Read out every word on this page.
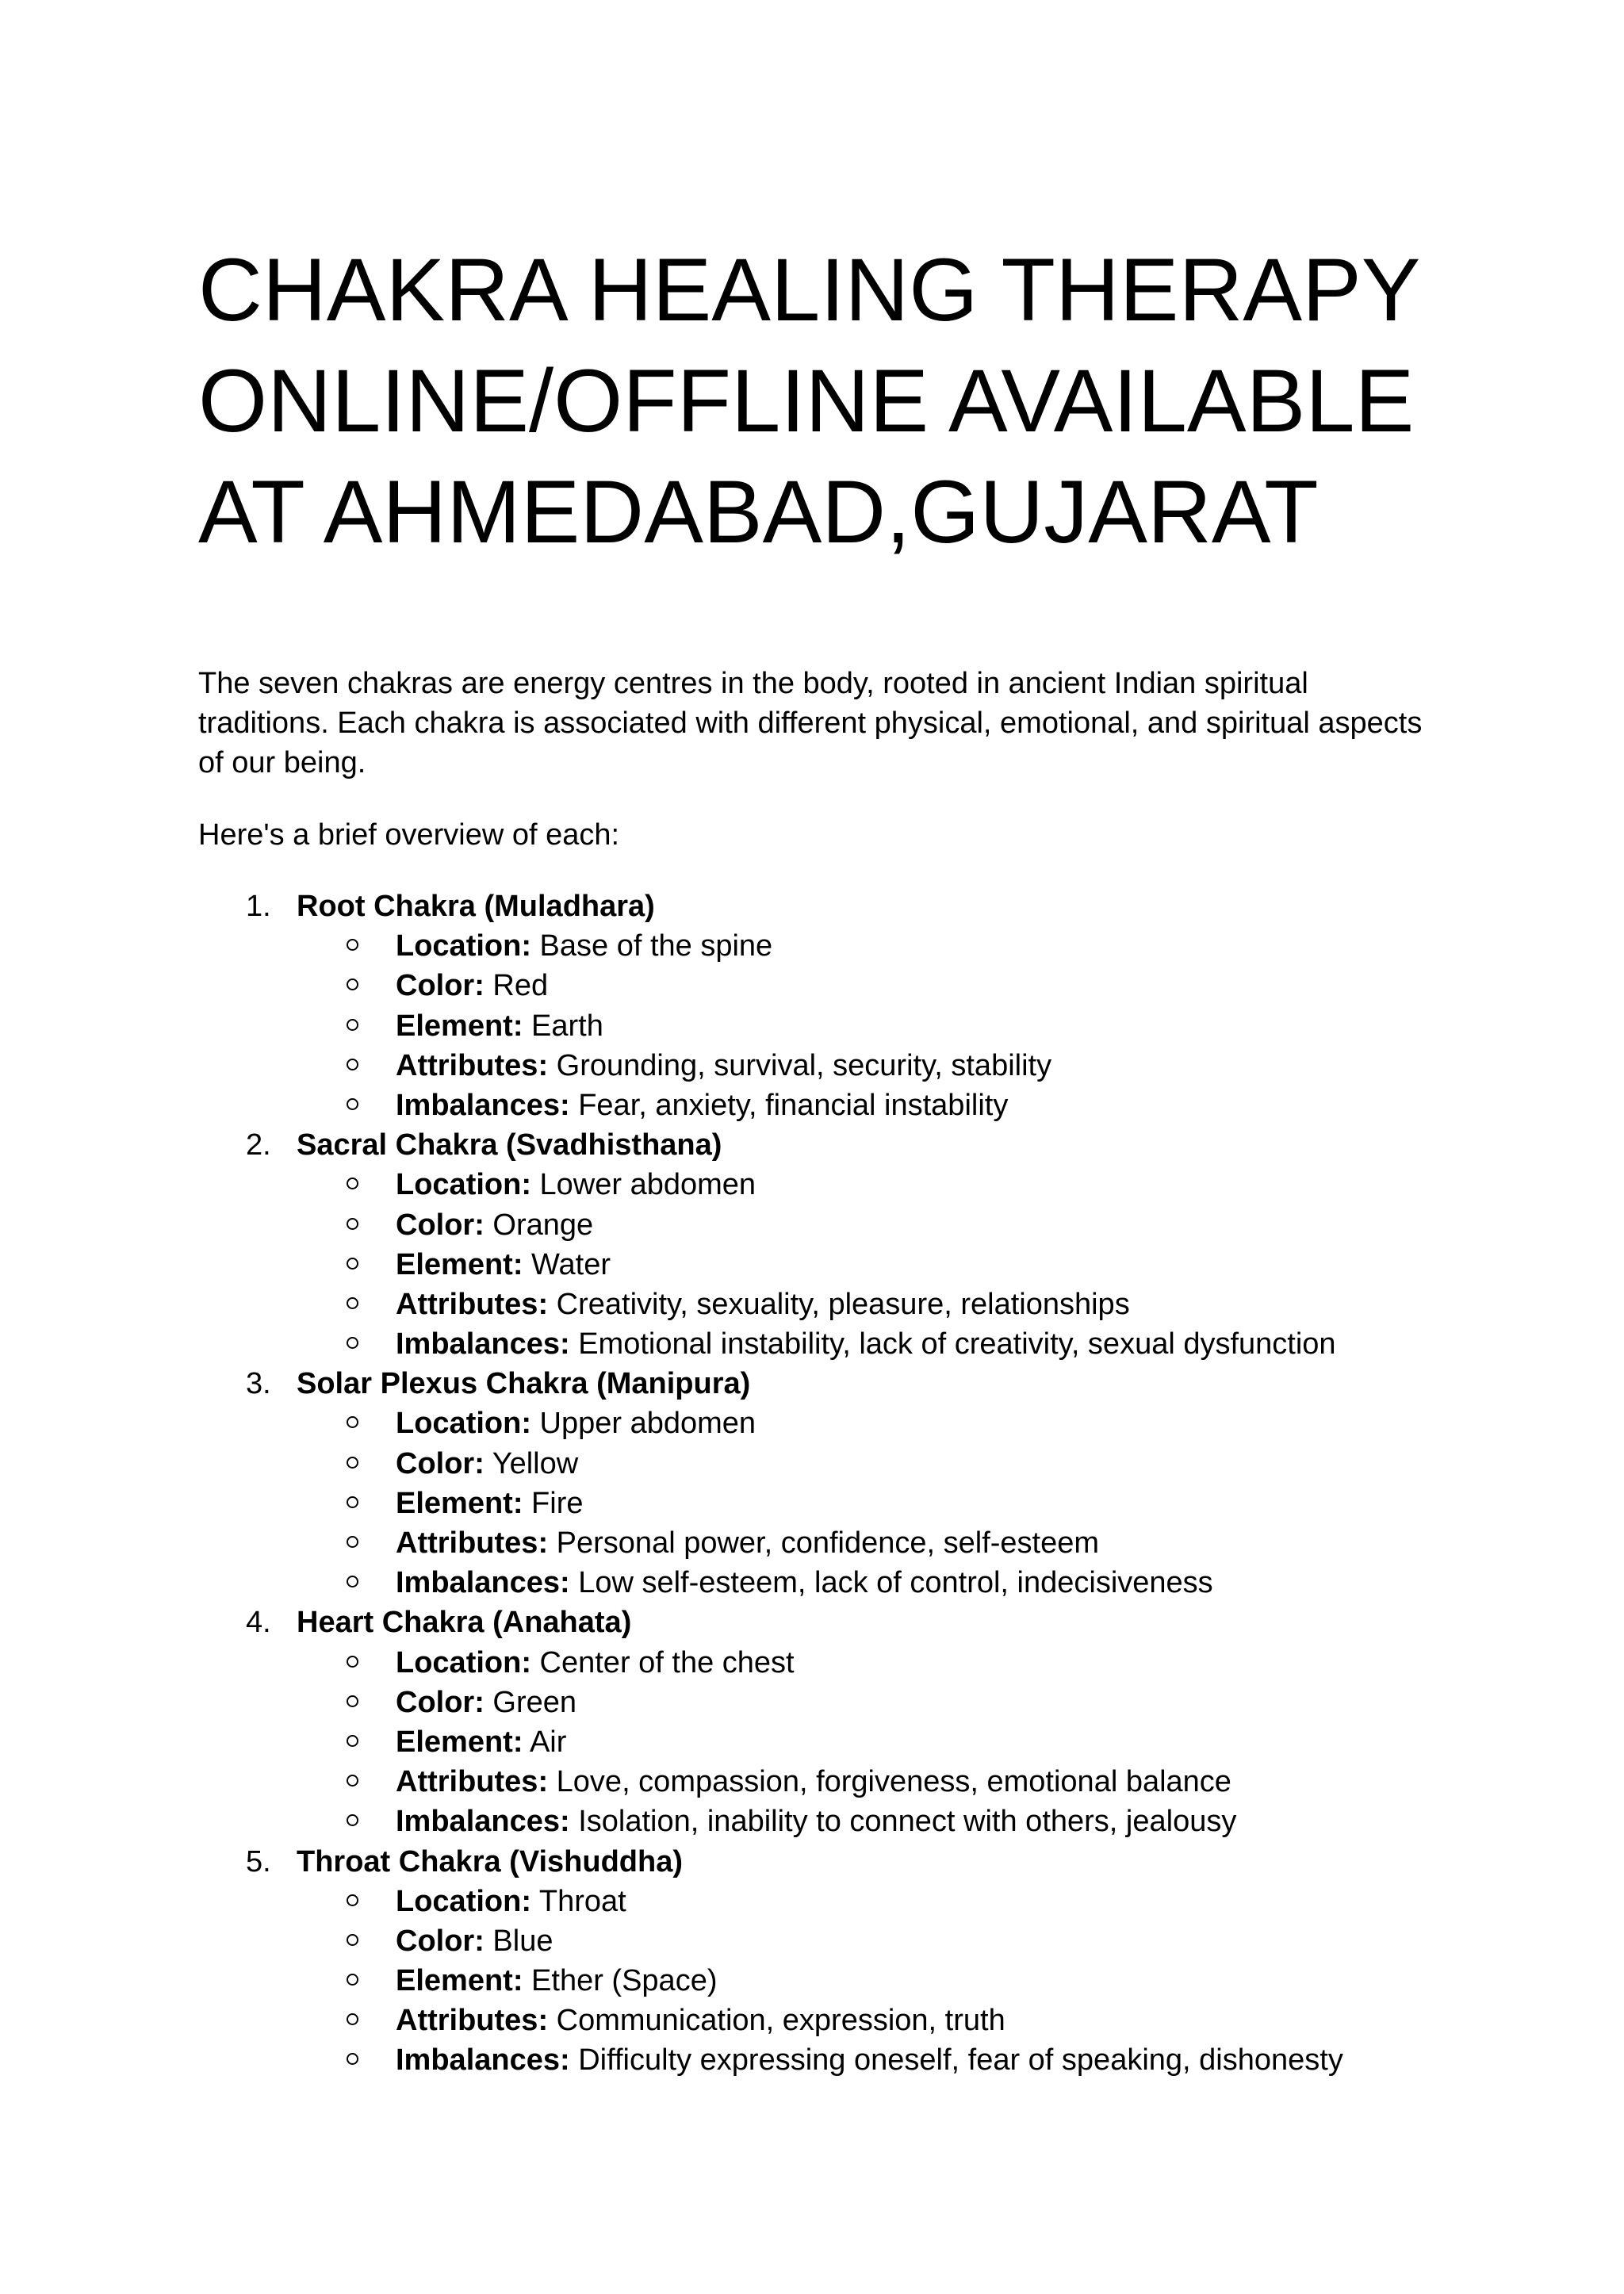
CHAKRA HEALING THERAPY
ONLINE/OFFLINE AVAILABLE
AT AHMEDABAD,GUJARAT

The seven chakras are energy centres in the body, rooted in ancient Indian spiritual traditions. Each chakra is associated with different physical, emotional, and spiritual aspects of our being.

Here's a brief overview of each:

1. Root Chakra (Muladhara)
Location: Base of the spine
Color: Red
Element: Earth
Attributes: Grounding, survival, security, stability
Imbalances: Fear, anxiety, financial instability
2. Sacral Chakra (Svadhisthana)
Location: Lower abdomen
Color: Orange
Element: Water
Attributes: Creativity, sexuality, pleasure, relationships
Imbalances: Emotional instability, lack of creativity, sexual dysfunction
3. Solar Plexus Chakra (Manipura)
Location: Upper abdomen
Color: Yellow
Element: Fire
Attributes: Personal power, confidence, self-esteem
Imbalances: Low self-esteem, lack of control, indecisiveness
4. Heart Chakra (Anahata)
Location: Center of the chest
Color: Green
Element: Air
Attributes: Love, compassion, forgiveness, emotional balance
Imbalances: Isolation, inability to connect with others, jealousy
5. Throat Chakra (Vishuddha)
Location: Throat
Color: Blue
Element: Ether (Space)
Attributes: Communication, expression, truth
Imbalances: Difficulty expressing oneself, fear of speaking, dishonesty
